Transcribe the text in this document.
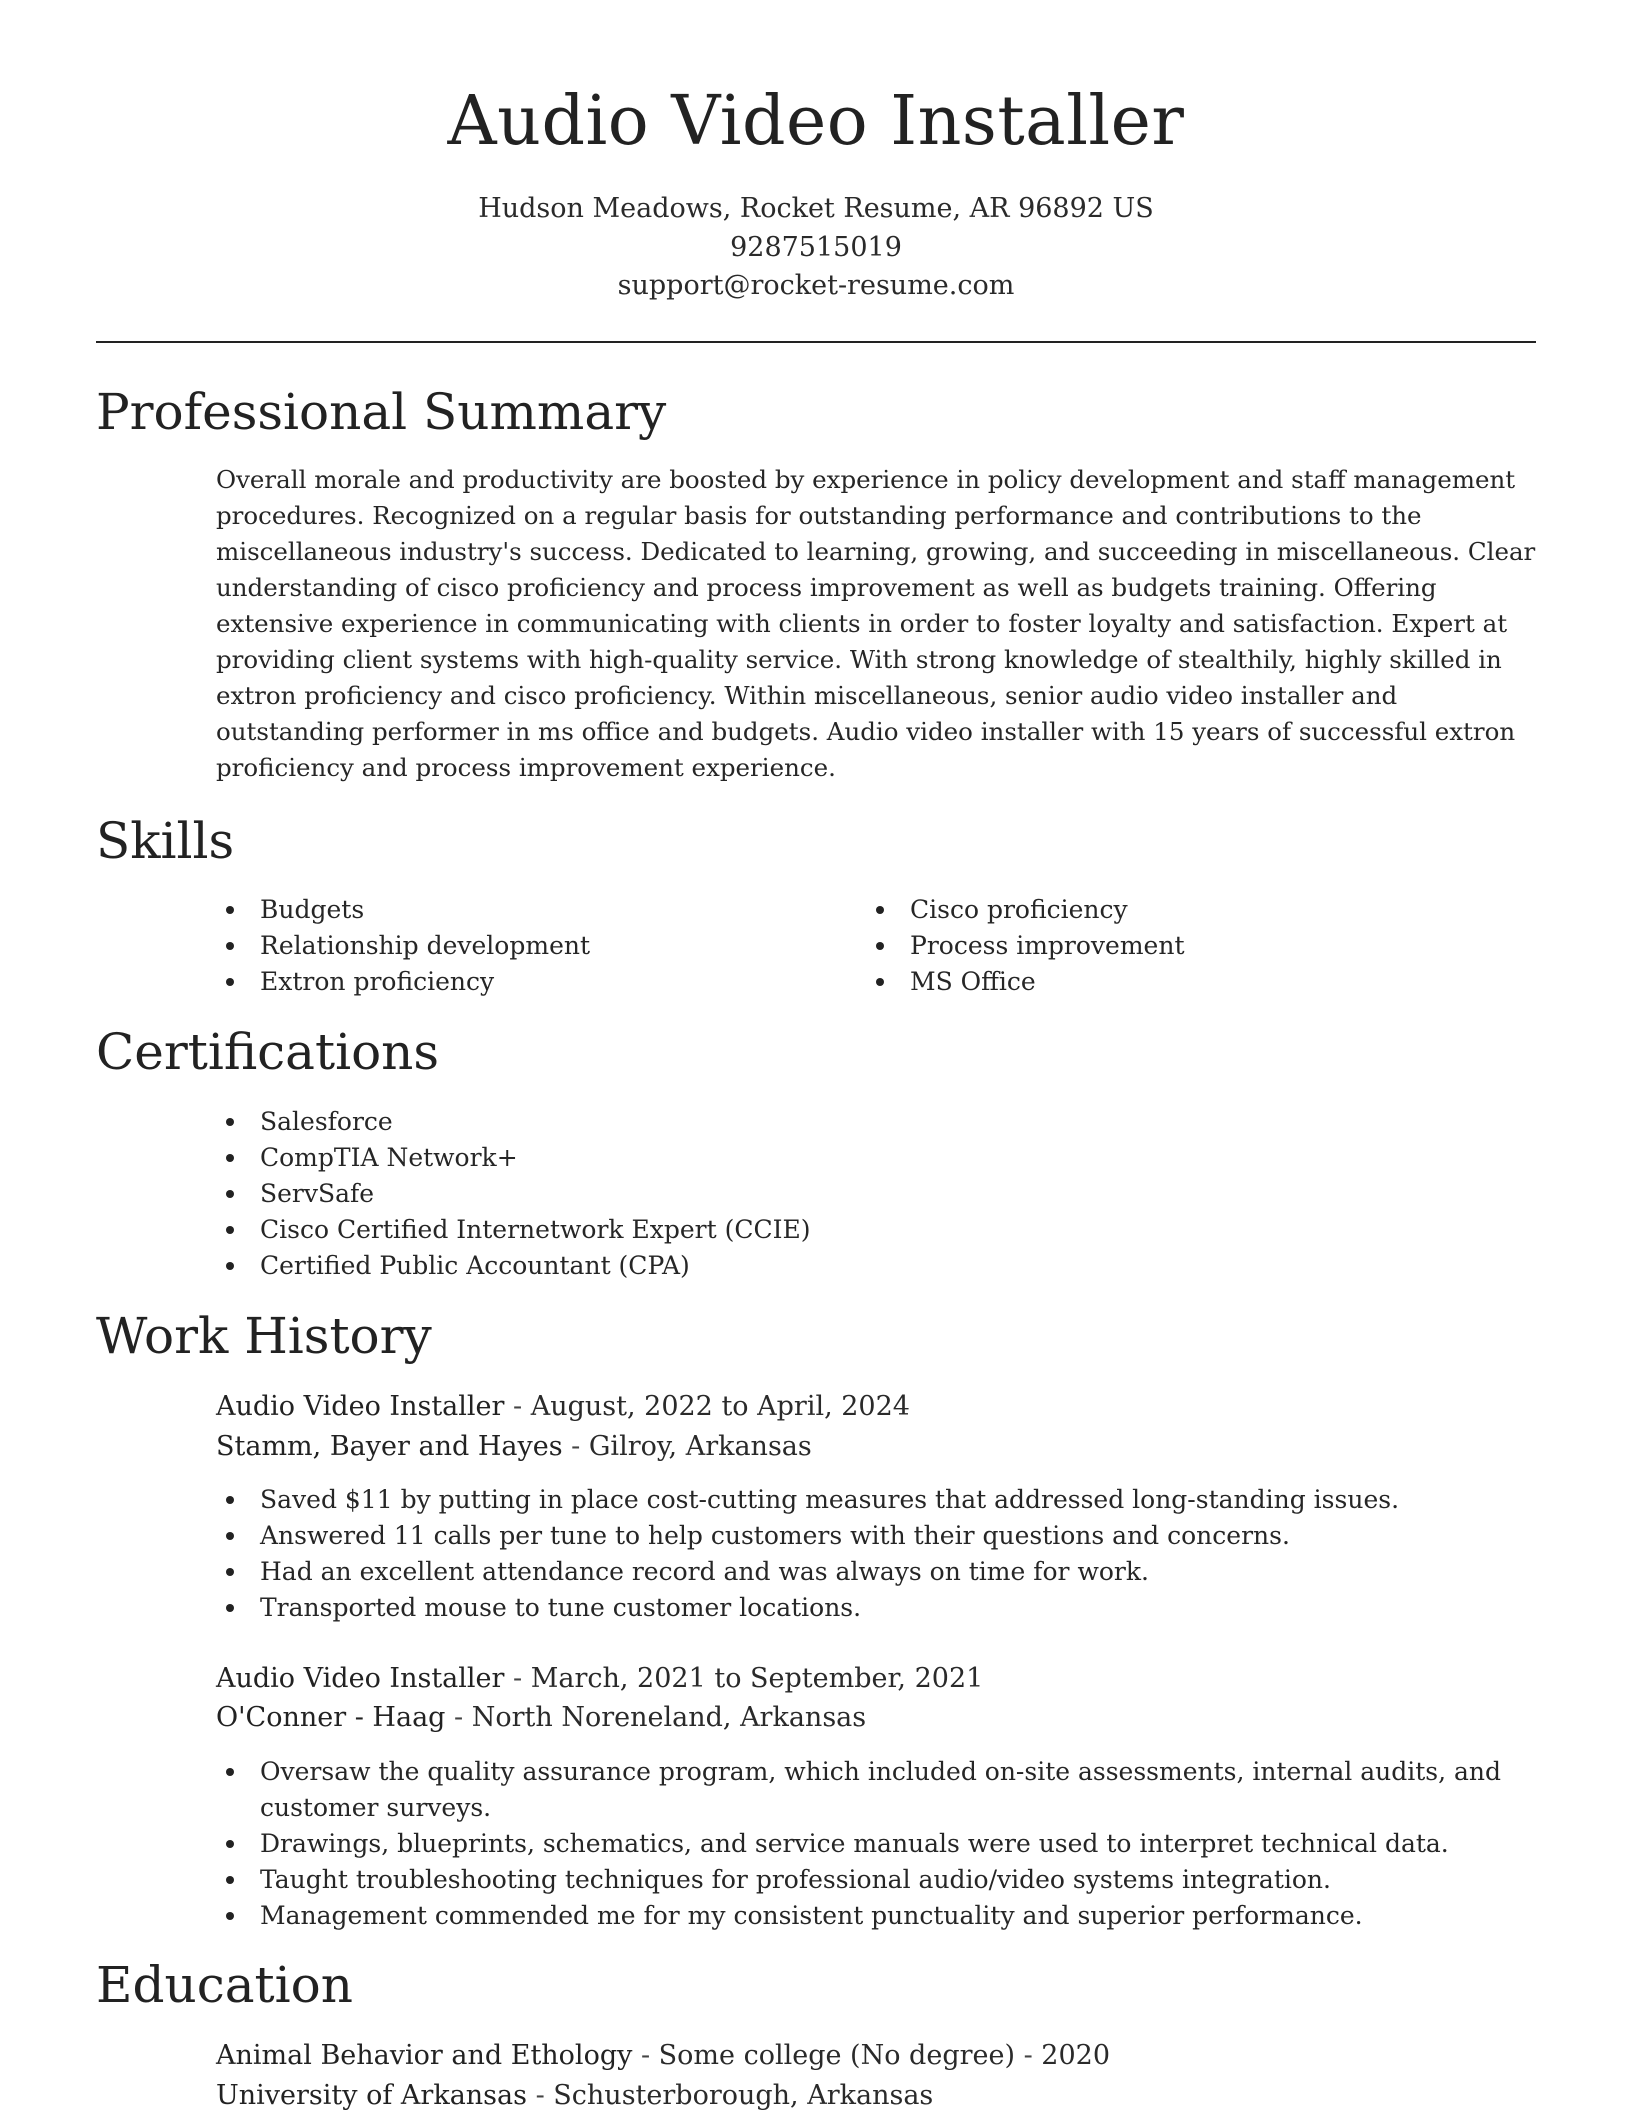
Audio Video Installer

Hudson Meadows, Rocket Resume, AR 96892 US

9287515019

support@rocket-resume.com

Professional Summary

Overall morale and productivity are boosted by experience in policy development and staff management procedures. Recognized on a regular basis for outstanding performance and contributions to the miscellaneous industry's success. Dedicated to learning, growing, and succeeding in miscellaneous. Clear understanding of cisco proficiency and process improvement as well as budgets training. Offering extensive experience in communicating with clients in order to foster loyalty and satisfaction. Expert at providing client systems with high-quality service. With strong knowledge of stealthily, highly skilled in extron proficiency and cisco proficiency. Within miscellaneous, senior audio video installer and outstanding performer in ms office and budgets. Audio video installer with 15 years of successful extron proficiency and process improvement experience.

Skills
Budgets
Relationship development
Extron proficiency
Cisco proficiency
Process improvement
MS Office
Certifications
Salesforce
CompTIA Network+
ServSafe
Cisco Certified Internetwork Expert (CCIE)
Certified Public Accountant (CPA)
Work History

Audio Video Installer - August, 2022 to April, 2024

Stamm, Bayer and Hayes - Gilroy, Arkansas

Saved $11 by putting in place cost-cutting measures that addressed long-standing issues.
Answered 11 calls per tune to help customers with their questions and concerns.
Had an excellent attendance record and was always on time for work.
Transported mouse to tune customer locations.

Audio Video Installer - March, 2021 to September, 2021

O'Conner - Haag - North Noreneland, Arkansas

Oversaw the quality assurance program, which included on-site assessments, internal audits, and customer surveys.
Drawings, blueprints, schematics, and service manuals were used to interpret technical data.
Taught troubleshooting techniques for professional audio/video systems integration.
Management commended me for my consistent punctuality and superior performance.
Education

Animal Behavior and Ethology - Some college (No degree) - 2020

University of Arkansas - Schusterborough, Arkansas
